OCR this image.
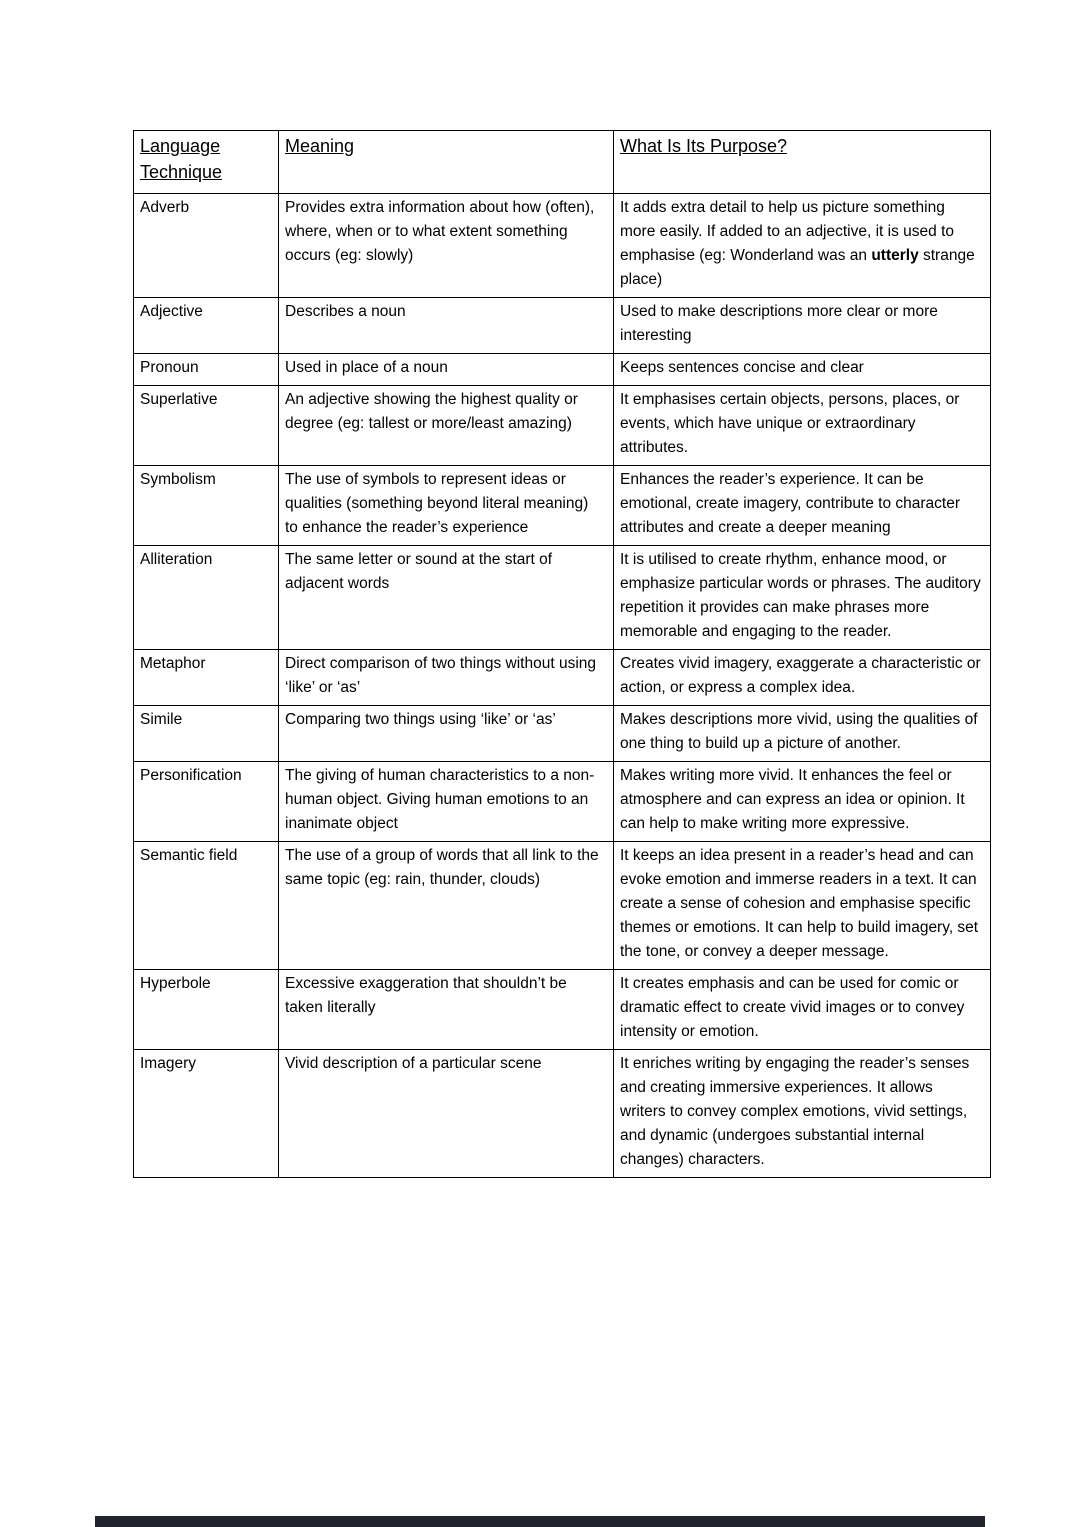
Language Technique	Meaning	What Is Its Purpose?
Adverb	Provides extra information about how (often), where, when or to what extent something occurs (eg: slowly)	It adds extra detail to help us picture something more easily. If added to an adjective, it is used to emphasise (eg: Wonderland was an utterly strange place)
Adjective	Describes a noun	Used to make descriptions more clear or more interesting
Pronoun	Used in place of a noun	Keeps sentences concise and clear
Superlative	An adjective showing the highest quality or degree (eg: tallest or more/least amazing)	It emphasises certain objects, persons, places, or events, which have unique or extraordinary attributes.
Symbolism	The use of symbols to represent ideas or qualities (something beyond literal meaning) to enhance the reader’s experience	Enhances the reader’s experience. It can be emotional, create imagery, contribute to character attributes and create a deeper meaning
Alliteration	The same letter or sound at the start of adjacent words	It is utilised to create rhythm, enhance mood, or emphasize particular words or phrases. The auditory repetition it provides can make phrases more memorable and engaging to the reader.
Metaphor	Direct comparison of two things without using ‘like’ or ‘as’	Creates vivid imagery, exaggerate a characteristic or action, or express a complex idea.
Simile	Comparing two things using ‘like’ or ‘as’	Makes descriptions more vivid, using the qualities of one thing to build up a picture of another.
Personification	The giving of human characteristics to a non-human object. Giving human emotions to an inanimate object	Makes writing more vivid. It enhances the feel or atmosphere and can express an idea or opinion. It can help to make writing more expressive.
Semantic field	The use of a group of words that all link to the same topic (eg: rain, thunder, clouds)	It keeps an idea present in a reader’s head and can evoke emotion and immerse readers in a text. It can create a sense of cohesion and emphasise specific themes or emotions. It can help to build imagery, set the tone, or convey a deeper message.
Hyperbole	Excessive exaggeration that shouldn’t be taken literally	It creates emphasis and can be used for comic or dramatic effect to create vivid images or to convey intensity or emotion.
Imagery	Vivid description of a particular scene	It enriches writing by engaging the reader’s senses and creating immersive experiences. It allows writers to convey complex emotions, vivid settings, and dynamic (undergoes substantial internal changes) characters.
